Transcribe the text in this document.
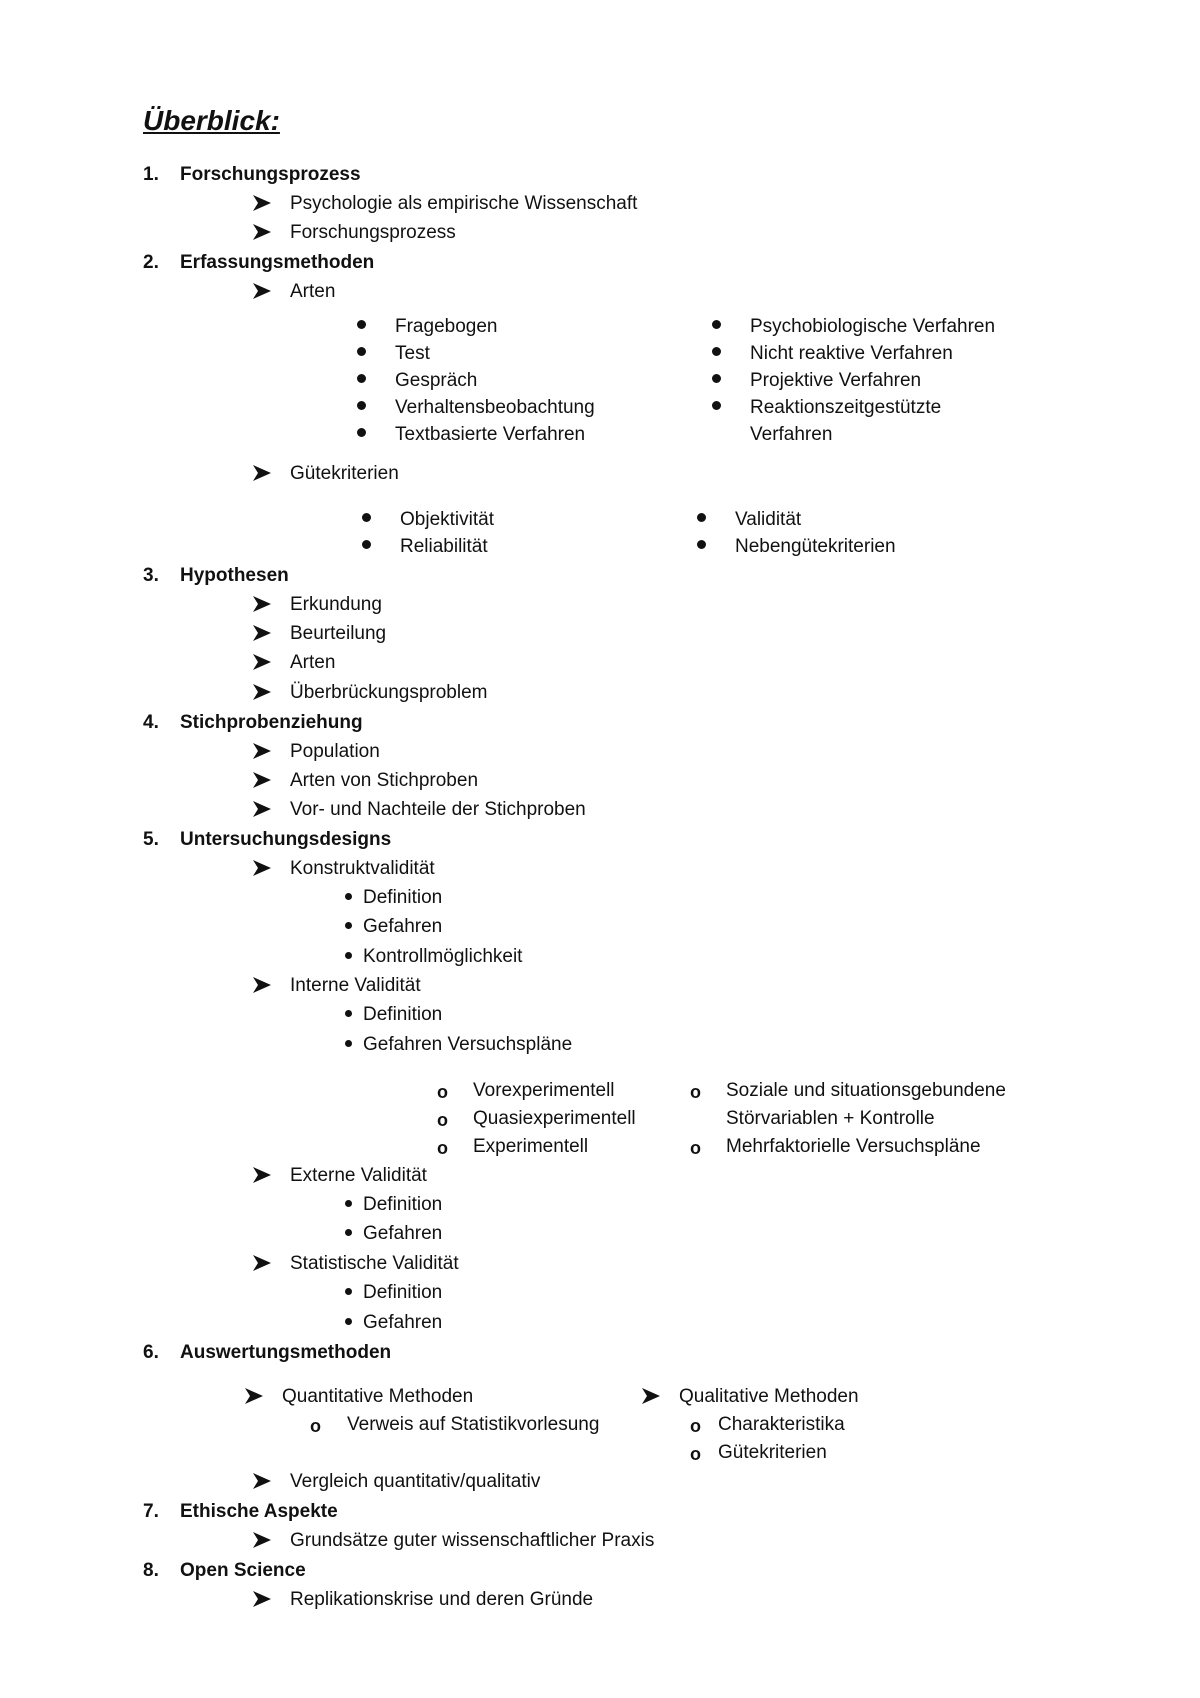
Überblick:
1. Forschungsprozess
Psychologie als empirische Wissenschaft
Forschungsprozess
2. Erfassungsmethoden
Arten
Fragebogen
Test
Gespräch
Verhaltensbeobachtung
Textbasierte Verfahren
Psychobiologische Verfahren
Nicht reaktive Verfahren
Projektive Verfahren
Reaktionszeitgestützte
Verfahren
Gütekriterien
Objektivität
Reliabilität
Validität
Nebengütekriterien
3. Hypothesen
Erkundung
Beurteilung
Arten
Überbrückungsproblem
4. Stichprobenziehung
Population
Arten von Stichproben
Vor- und Nachteile der Stichproben
5. Untersuchungsdesigns
Konstruktvalidität
Definition
Gefahren
Kontrollmöglichkeit
Interne Validität
Definition
Gefahren Versuchspläne
o Vorexperimentell
o Quasiexperimentell
o Experimentell
o Soziale und situationsgebundene
Störvariablen + Kontrolle
o Mehrfaktorielle Versuchspläne
Externe Validität
Definition
Gefahren
Statistische Validität
Definition
Gefahren
6. Auswertungsmethoden
Quantitative Methoden
o Verweis auf Statistikvorlesung
Qualitative Methoden
o Charakteristika
o Gütekriterien
Vergleich quantitativ/qualitativ
7. Ethische Aspekte
Grundsätze guter wissenschaftlicher Praxis
8. Open Science
Replikationskrise und deren Gründe
